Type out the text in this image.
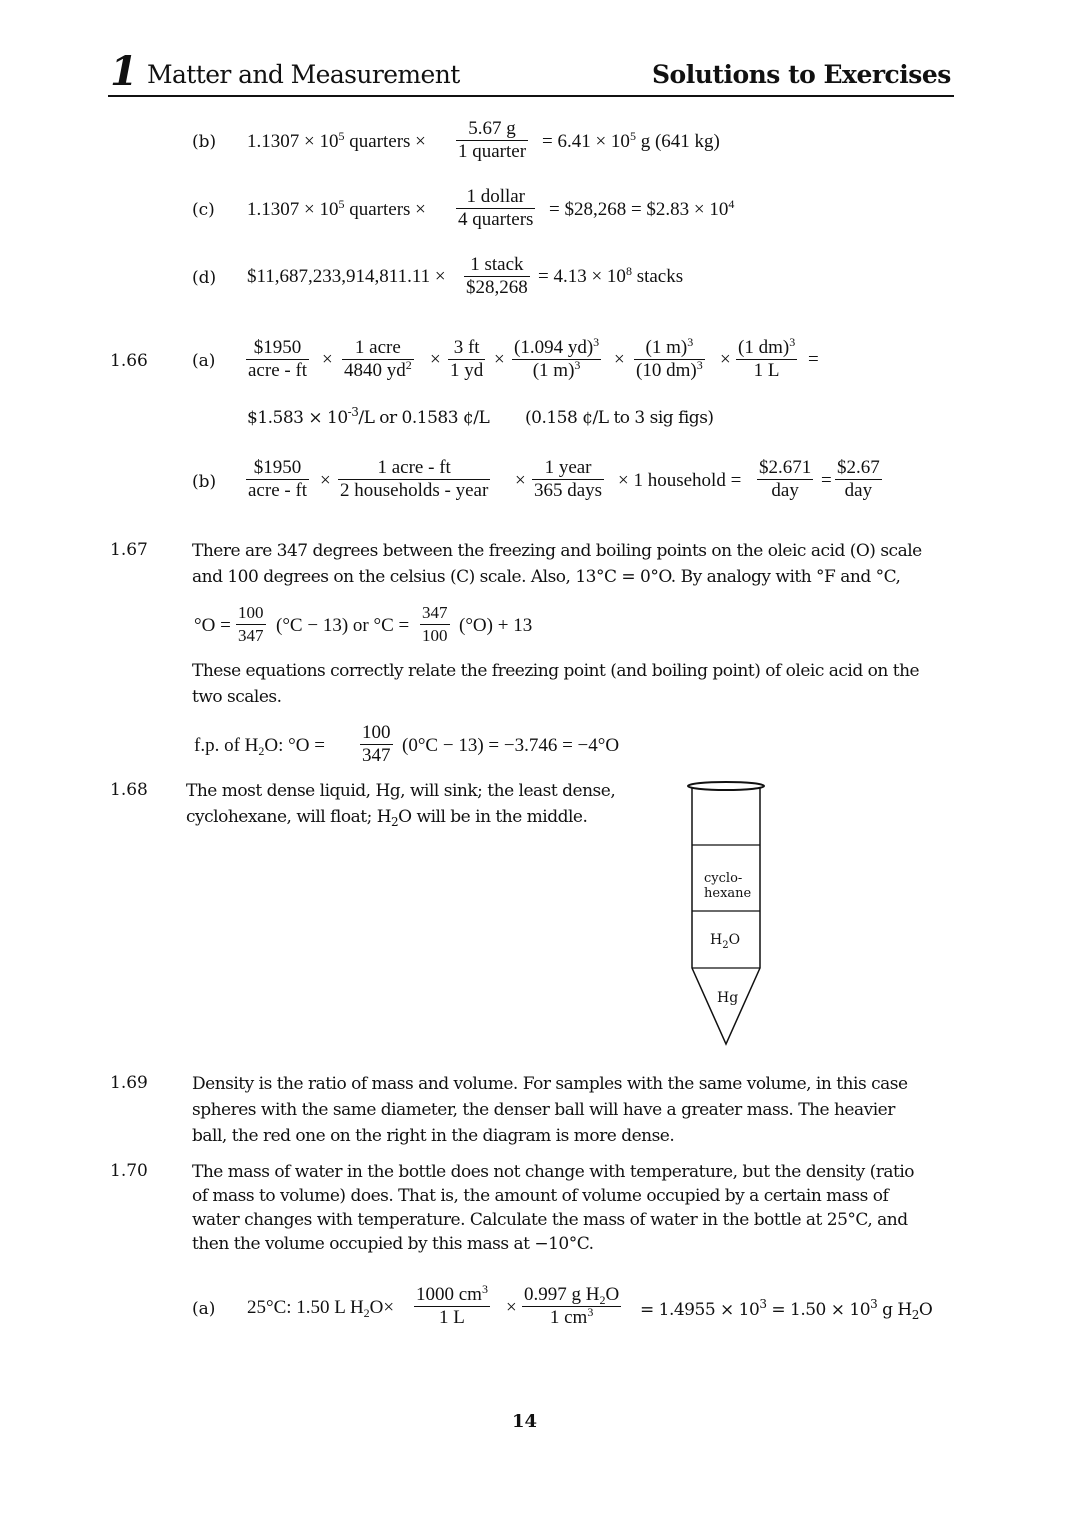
1 Matter and Measurement	Solutions to Exercises
(b) $1.1307 \times 10^5$ quarters ×
5.67 g
1 quarter = $6.41 \times 10^5$ g (641 kg)
(c) $1.1307 \times 10^5$ quarters ×
1 dollar
4 quarters = $28,268 = $2.83 × $10^4$
(d) $11,687,233,914,811.11 ×
1 stack
$28,268
= $4.13 \times 10^8$ stacks
1.66	(a)
$1950
acre - ft
×
1 acre
4840 $yd^2 \times \frac{3 ft}{1 yd} \times \frac{(1.094 yd)^3}{(1 m)^3} \times \frac{(1 m)^3}{(10 dm)^3} \times \frac{(1 dm)^3}{1 L}$ =
$1.583 × $10^{-3}/L$ or 0.1583 ¢/L (0.158 ¢/L to 3 sig figs)
(b)
$1950
acre - ft ×
1 acre - ft
2 households - year ×
1 year
365 days × 1 household =
$2.671
day	=
$2.67
day
1.67	There are 347 degrees between the freezing and boiling points on the oleic acid (O) scale
and 100 degrees on the celsius (C) scale. Also, 13°C = 0°O. By analogy with °F and °C,
$^\circ O = \frac{100}{347} (^\circ C - 13)$ or $^\circ C = \frac{347}{100} (^\circ O) + 13$
These equations correctly relate the freezing point (and boiling point) of oleic acid on the
two scales.
f.p. of $H_2O$: $^\circ O = \frac{100}{347} (0^\circ C - 13) = -3.746 = -4^\circ O$
1.68 The most dense liquid, Hg, will sink; the least dense,
cyclohexane, will float; $H_2O$ will be in the middle.
cyclo-
hexane
$H_2O$
Hg
1.69	Density is the ratio of mass and volume. For samples with the same volume, in this case
spheres with the same diameter, the denser ball will have a greater mass. The heavier
ball, the red one on the right in the diagram is more dense.
1.70	The mass of water in the bottle does not change with temperature, but the density (ratio
of mass to volume) does. That is, the amount of volume occupied by a certain mass of
water changes with temperature. Calculate the mass of water in the bottle at 25°C, and
then the volume occupied by this mass at −10°C.
(a) 25°C: 1.50 L $H_2O\times \frac{1000 cm^3}{1 L} \times \frac{0.997 g H_2O}{1 cm^3} = 1.4955 \times 10^3 = 1.50 \times 10^3$ g $H_2O$
14
